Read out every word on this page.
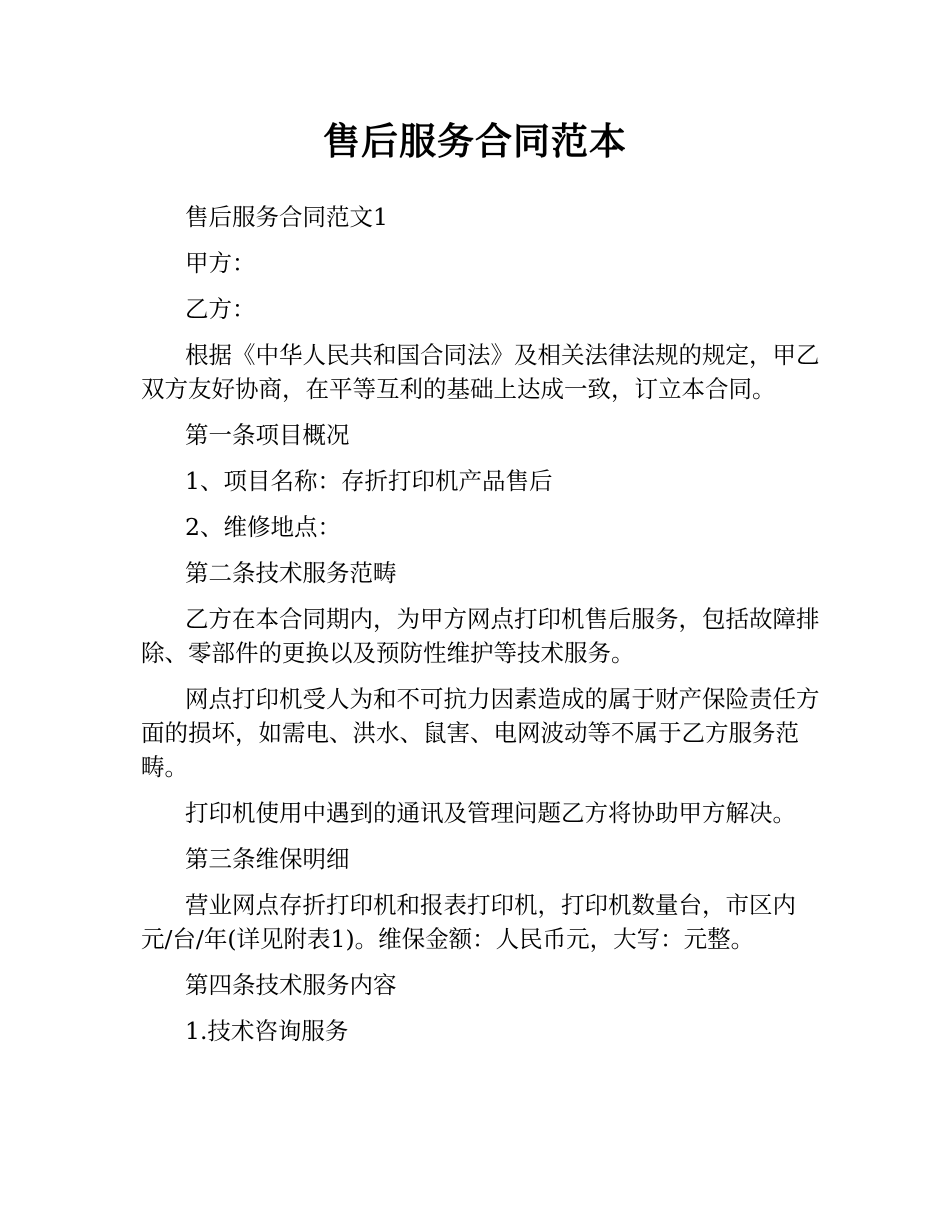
售后服务合同范本

售后服务合同范文1

甲方：

乙方：

根据《中华人民共和国合同法》及相关法律法规的规定，甲乙双方友好协商，在平等互利的基础上达成一致，订立本合同。

第一条项目概况

1、项目名称：存折打印机产品售后

2、维修地点：

第二条技术服务范畴

乙方在本合同期内，为甲方网点打印机售后服务，包括故障排除、零部件的更换以及预防性维护等技术服务。

网点打印机受人为和不可抗力因素造成的属于财产保险责任方面的损坏，如需电、洪水、鼠害、电网波动等不属于乙方服务范畴。

打印机使用中遇到的通讯及管理问题乙方将协助甲方解决。

第三条维保明细

营业网点存折打印机和报表打印机，打印机数量台，市区内元/台/年(详见附表1)。维保金额：人民币元，大写：元整。

第四条技术服务内容

1.技术咨询服务
